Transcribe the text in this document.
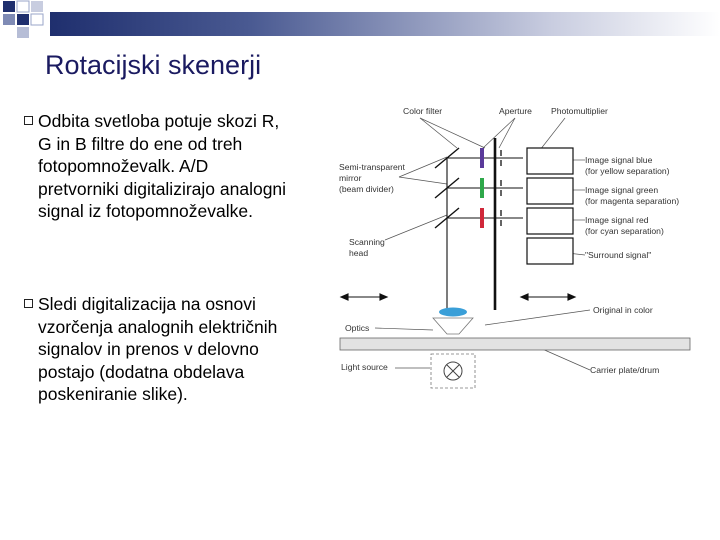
Rotacijski skenerji

Odbita svetloba potuje skozi R, G in B filtre do ene od treh fotopomnoževalk. A/D pretvorniki digitalizirajo analogni signal iz fotopomnoževalke.

Sledi digitalizacija na osnovi vzorčenja analognih električnih signalov in prenos v delovno postajo (dodatna obdelava poskeniranie slike).

Color filter	Aperture Photomultiplier
Semi-transparent
mirror
(beam divider)
Scanning
head
Image signal blue
(for yellow separation)
Image signal green
(for magenta separation)
Image signal red
(for cyan separation)
"Surround signal"
Original in color
Optics
Light source	Carrier plate/drum
